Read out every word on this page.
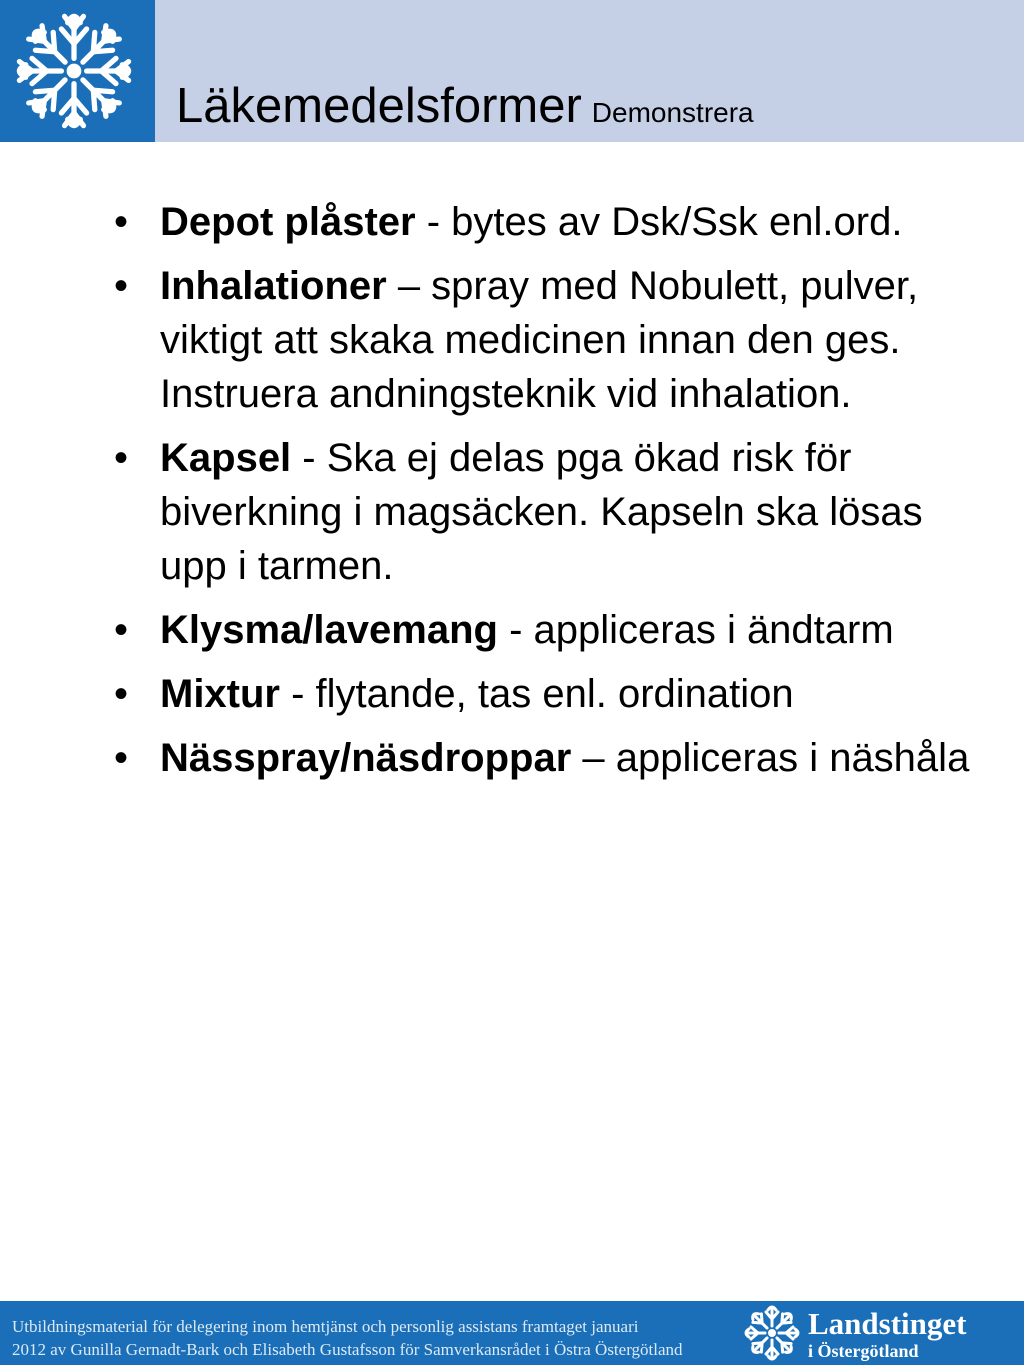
Läkemedelsformer Demonstrera
• Depot plåster - bytes av Dsk/Ssk enl.ord.
• Inhalationer – spray med Nobulett, pulver, viktigt att skaka medicinen innan den ges. Instruera andningsteknik vid inhalation.
• Kapsel - Ska ej delas pga ökad risk för biverkning i magsäcken. Kapseln ska lösas upp i tarmen.
• Klysma/lavemang - appliceras i ändtarm
• Mixtur - flytande, tas enl. ordination
• Nässpray/näsdroppar – appliceras i näshåla
Utbildningsmaterial för delegering inom hemtjänst och personlig assistans framtaget januari
2012 av Gunilla Gernadt-Bark och Elisabeth Gustafsson för Samverkansrådet i Östra Östergötland
Landstinget
i Östergötland
